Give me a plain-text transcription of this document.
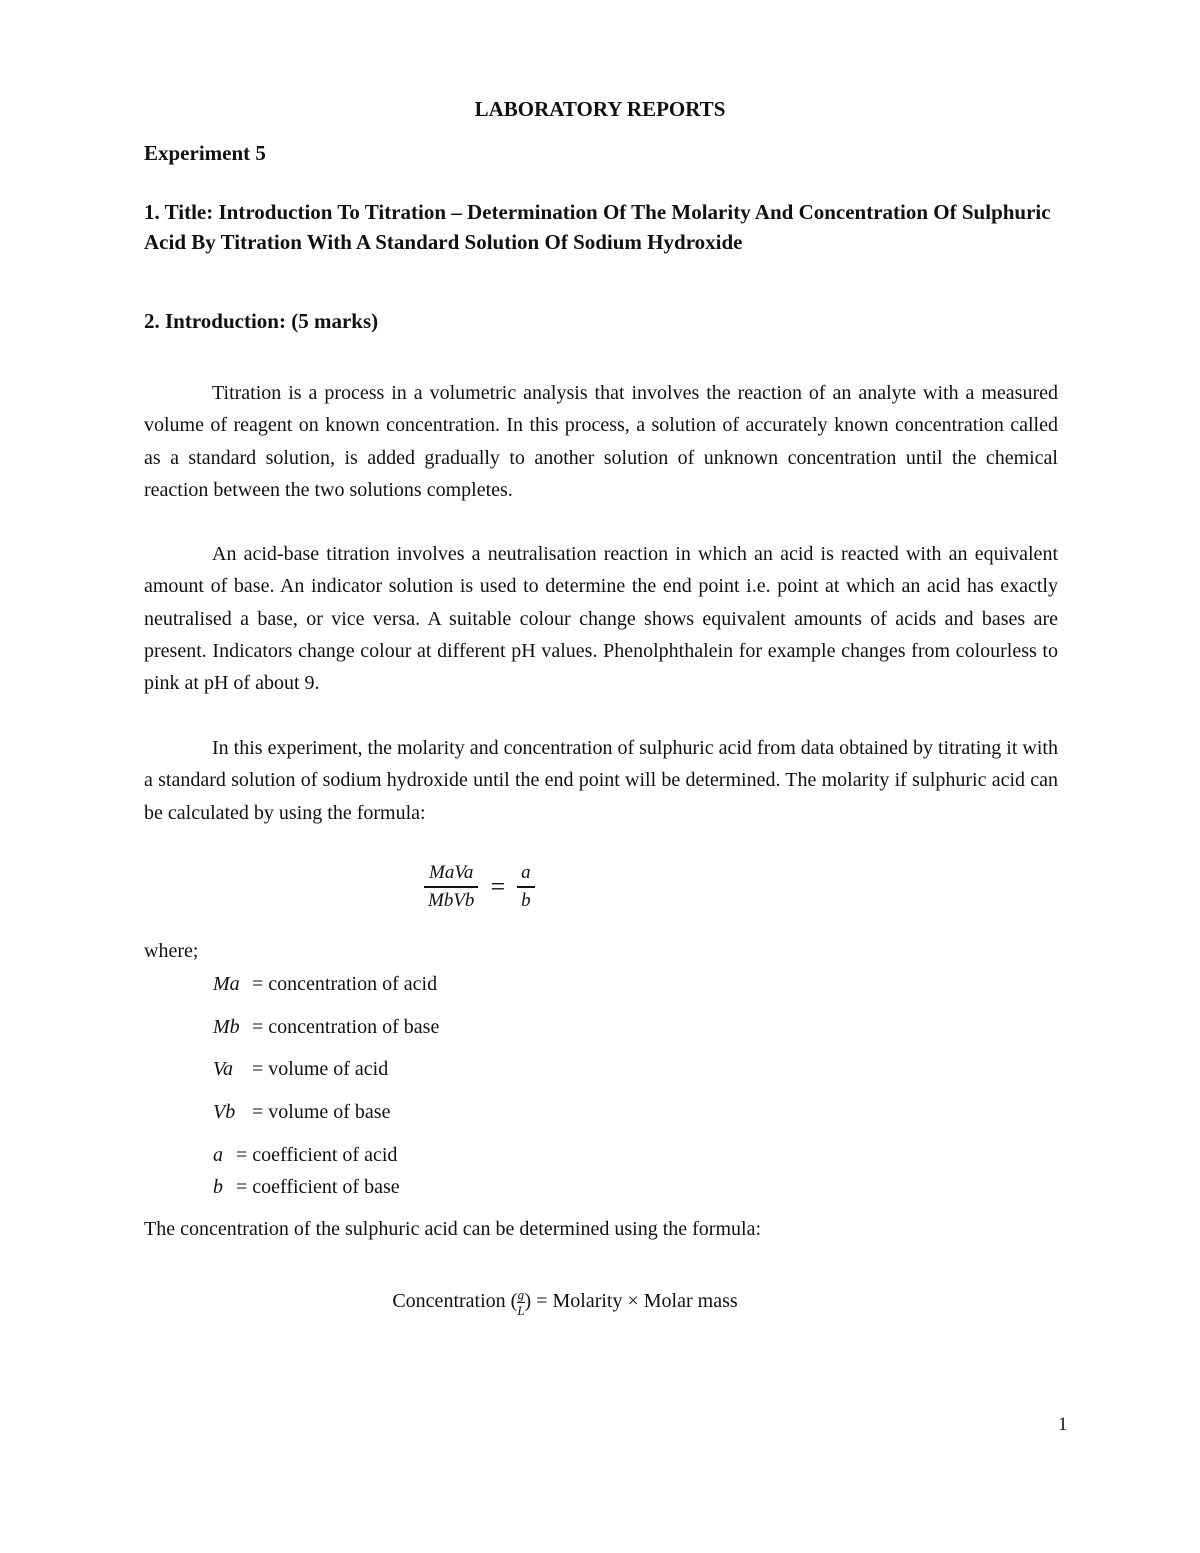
LABORATORY REPORTS
Experiment 5
1. Title: Introduction To Titration – Determination Of The Molarity And Concentration Of Sulphuric Acid By Titration With A Standard Solution Of Sodium Hydroxide
2. Introduction: (5 marks)
Titration is a process in a volumetric analysis that involves the reaction of an analyte with a measured volume of reagent on known concentration. In this process, a solution of accurately known concentration called as a standard solution, is added gradually to another solution of unknown concentration until the chemical reaction between the two solutions completes.
An acid-base titration involves a neutralisation reaction in which an acid is reacted with an equivalent amount of base. An indicator solution is used to determine the end point i.e. point at which an acid has exactly neutralised a base, or vice versa. A suitable colour change shows equivalent amounts of acids and bases are present. Indicators change colour at different pH values. Phenolphthalein for example changes from colourless to pink at pH of about 9.
In this experiment, the molarity and concentration of sulphuric acid from data obtained by titrating it with a standard solution of sodium hydroxide until the end point will be determined. The molarity if sulphuric acid can be calculated by using the formula:
$\frac{\text{MaVa}}{\text{MbVb}} = \frac{a}{b}$
where;
Ma = concentration of acid
Mb = concentration of base
Va = volume of acid
Vb = volume of base
a = coefficient of acid
b = coefficient of base
The concentration of the sulphuric acid can be determined using the formula:
Concentration ( $\frac{g}{L}$ ) = Molarity × Molar mass
1
